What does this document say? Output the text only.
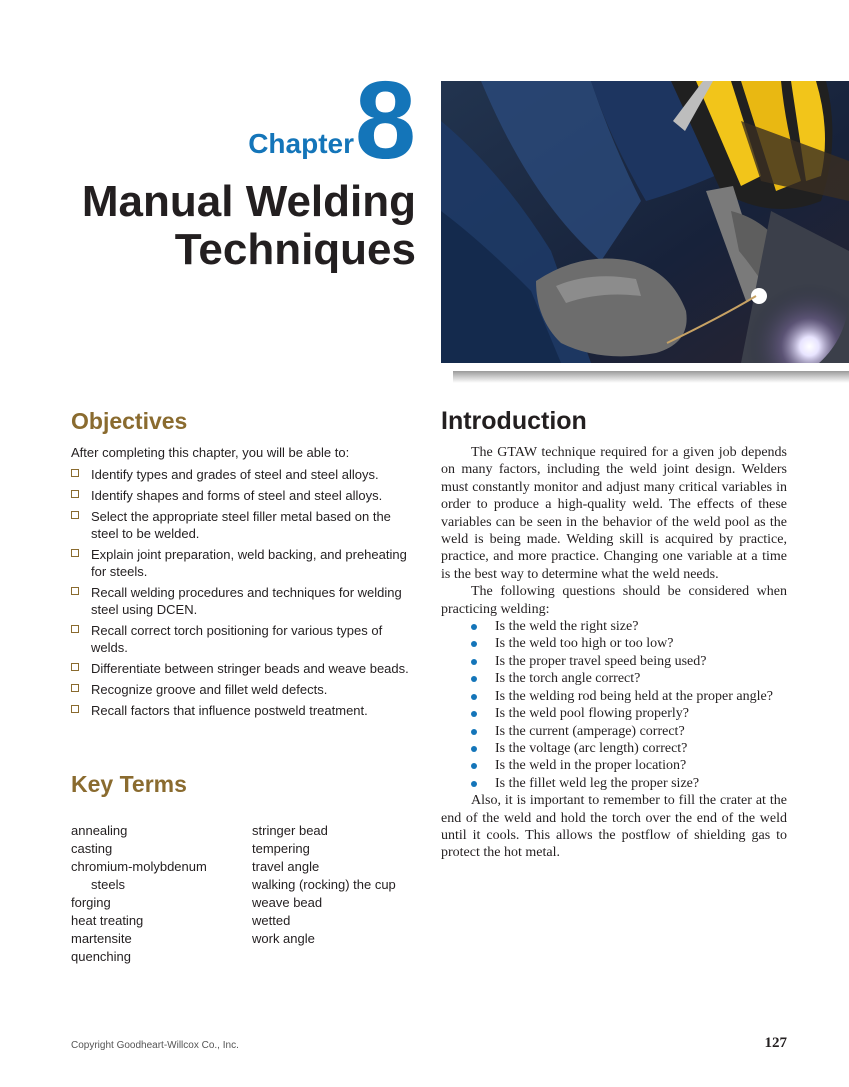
Chapter 8
Manual Welding
Techniques
Objectives
After completing this chapter, you will be able to:
Identify types and grades of steel and steel alloys.
Identify shapes and forms of steel and steel alloys.
Select the appropriate steel filler metal based on the steel to be welded.
Explain joint preparation, weld backing, and preheating for steels.
Recall welding procedures and techniques for welding steel using DCEN.
Recall correct torch positioning for various types of welds.
Differentiate between stringer beads and weave beads.
Recognize groove and fillet weld defects.
Recall factors that influence postweld treatment.
Key Terms
annealing
casting
chromium-molybdenum
steels
forging
heat treating
martensite
quenching
stringer bead
tempering
travel angle
walking (rocking) the cup
weave bead
wetted
work angle
Introduction

The GTAW technique required for a given job depends on many factors, including the weld joint design. Welders must constantly monitor and adjust many critical variables in order to produce a high-quality weld. The effects of these variables can be seen in the behavior of the weld pool as the weld is being made. Welding skill is acquired by practice, practice, and more practice. Changing one variable at a time is the best way to determine what the weld needs.

The following questions should be considered when practicing welding:

Is the weld the right size?
Is the weld too high or too low?
Is the proper travel speed being used?
Is the torch angle correct?
Is the welding rod being held at the proper angle?
Is the weld pool flowing properly?
Is the current (amperage) correct?
Is the voltage (arc length) correct?
Is the weld in the proper location?
Is the fillet weld leg the proper size?

Also, it is important to remember to fill the crater at the end of the weld and hold the torch over the end of the weld until it cools. This allows the postflow of shielding gas to protect the hot metal.

Copyright Goodheart-Willcox Co., Inc.	127
